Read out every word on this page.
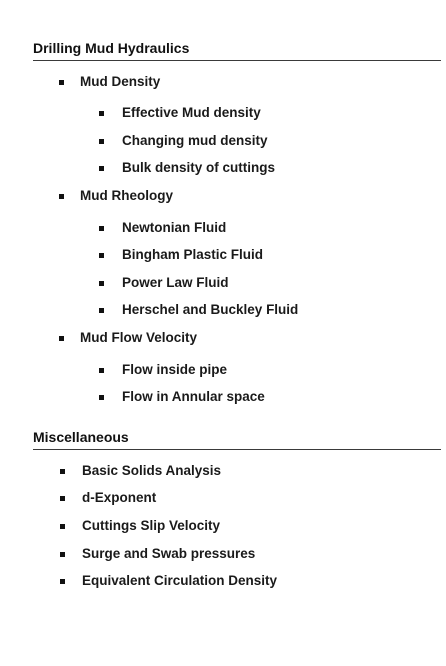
Drilling Mud Hydraulics
Mud Density
Effective Mud density
Changing mud density
Bulk density of cuttings
Mud Rheology
Newtonian Fluid
Bingham Plastic Fluid
Power Law Fluid
Herschel and Buckley Fluid
Mud Flow Velocity
Flow inside pipe
Flow in Annular space
Miscellaneous
Basic Solids Analysis
d-Exponent
Cuttings Slip Velocity
Surge and Swab pressures
Equivalent Circulation Density
